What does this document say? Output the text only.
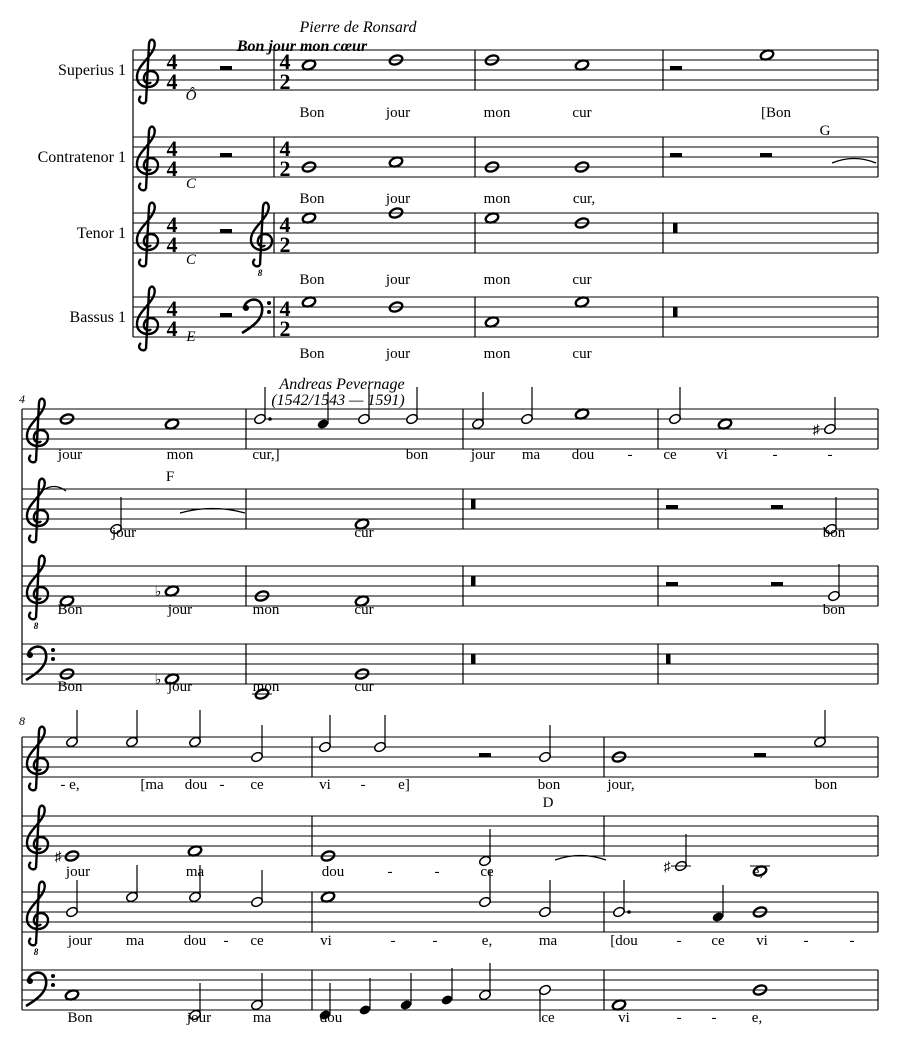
Pierre de Ronsard
Bon jour mon cœur
Andreas Pevernage
(1542/1543 — 1591)
Superius 1
Contratenor 1
Tenor 1
Bassus 1
4
4
4
4
4
4
4
4
Ô
C
C
E
8
4
2
4
2
4
2
4
2
G
Bon	jour	mon	cur	[Bon
Bon	jour	mon	cur,
Bon	jour	mon	cur
Bon	jour	mon	cur
4
8
♯
F
♭
♭
jour	mon	cur,]	bon	jour ma dou - ce	vi	-	-
jour	cur	bon
Bon	jour	mon	cur	bon
Bon	jour	mon	cur
8
8
♯
♯
D
- e,	[ma dou - ce	vi - e]	bon	jour,	bon
jour	ma	dou	-	-	ce	e,
jour ma	dou - ce	vi	- -	e,	ma	[dou	- ce vi -	-
Bon	jour	ma	dou	ce	vi	- - e,
